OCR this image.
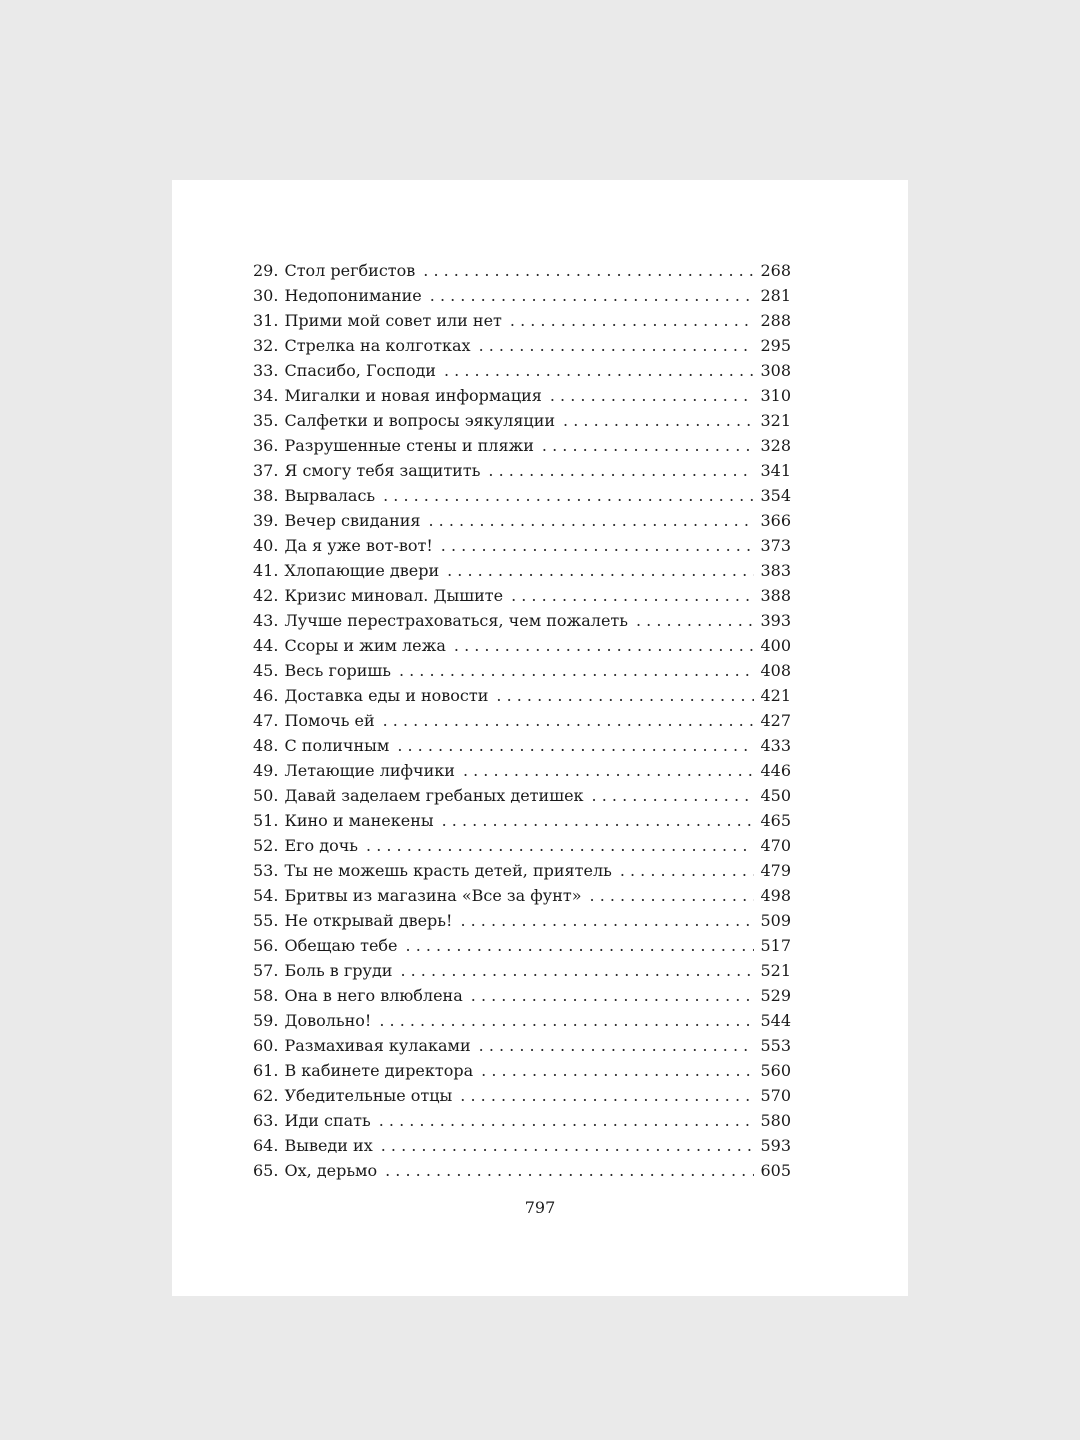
29. Стол регбистов . . .	268
30. Недопонимание . . .	281
31. Прими мой совет или нет . . .	288
32. Стрелка на колготках . . .	295
33. Спасибо, Господи . . .	308
34. Мигалки и новая информация . . .	310
35. Салфетки и вопросы эякуляции . . .	321
36. Разрушенные стены и пляжи . . .	328
37. Я смогу тебя защитить . . .	341
38. Вырвалась . . .	354
39. Вечер свидания . . .	366
40. Да я уже вот-вот! . . .	373
41. Хлопающие двери . . .	383
42. Кризис миновал. Дышите . . .	388
43. Лучше перестраховаться, чем пожалеть . . .	393
44. Ссоры и жим лежа . . .	400
45. Весь горишь . . .	408
46. Доставка еды и новости . . .	421
47. Помочь ей . . .	427
48. С поличным . . .	433
49. Летающие лифчики . . .	446
50. Давай заделаем гребаных детишек . . .	450
51. Кино и манекены . . .	465
52. Его дочь . . .	470
53. Ты не можешь красть детей, приятель . . .	479
54. Бритвы из магазина «Все за фунт» . . .	498
55. Не открывай дверь! . . .	509
56. Обещаю тебе . . .	517
57. Боль в груди . . .	521
58. Она в него влюблена . . .	529
59. Довольно! . . .	544
60. Размахивая кулаками . . .	553
61. В кабинете директора . . .	560
62. Убедительные отцы . . .	570
63. Иди спать . . .	580
64. Выведи их . . .	593
65. Ох, дерьмо . . .	605
797
